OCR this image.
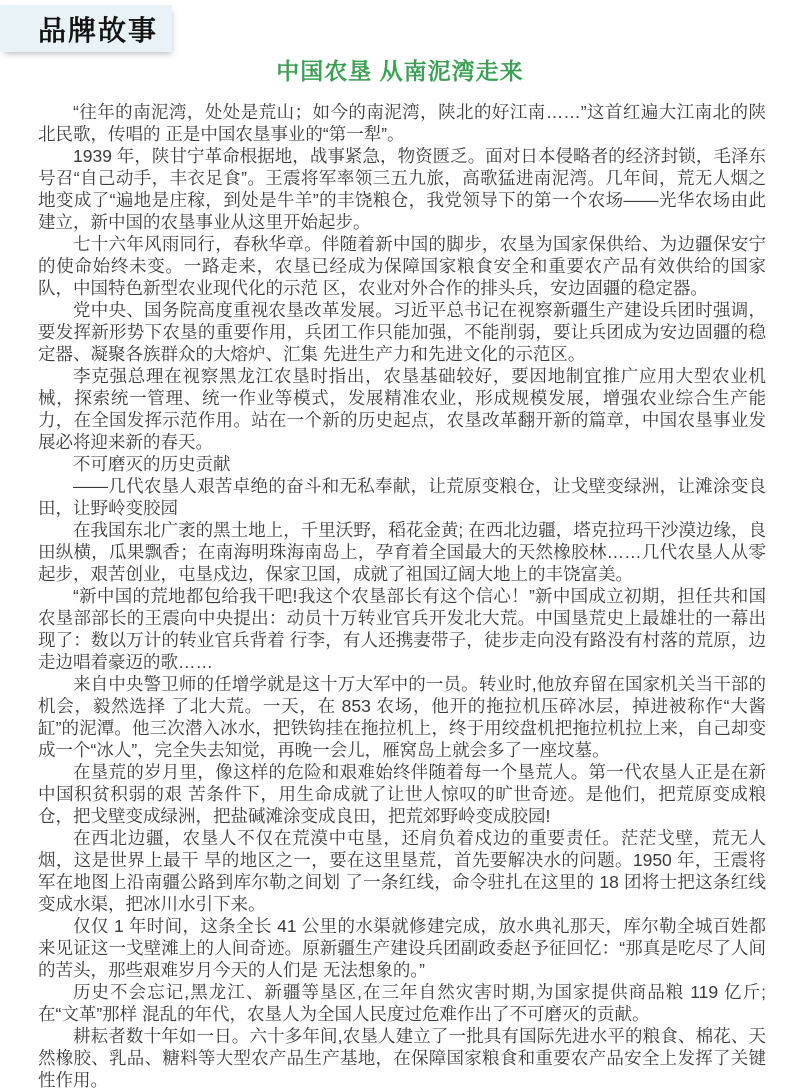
品牌故事
中国农垦 从南泥湾走来

“往年的南泥湾，处处是荒山；如今的南泥湾，陕北的好江南……”这首红遍大江南北的陕北民歌，传唱的 正是中国农垦事业的“第一犁”。

1939 年，陕甘宁革命根据地，战事紧急，物资匮乏。面对日本侵略者的经济封锁，毛泽东号召“自己动手，丰衣足食”。王震将军率领三五九旅，高歌猛进南泥湾。几年间，荒无人烟之地变成了“遍地是庄稼，到处是牛羊”的丰饶粮仓，我党领导下的第一个农场——光华农场由此建立，新中国的农垦事业从这里开始起步。

七十六年风雨同行，春秋华章。伴随着新中国的脚步，农垦为国家保供给、为边疆保安宁的使命始终未变。一路走来，农垦已经成为保障国家粮食安全和重要农产品有效供给的国家队，中国特色新型农业现代化的示范 区，农业对外合作的排头兵，安边固疆的稳定器。

党中央、国务院高度重视农垦改革发展。习近平总书记在视察新疆生产建设兵团时强调，要发挥新形势下农垦的重要作用，兵团工作只能加强，不能削弱，要让兵团成为安边固疆的稳定器、凝聚各族群众的大熔炉、汇集 先进生产力和先进文化的示范区。

李克强总理在视察黑龙江农垦时指出，农垦基础较好，要因地制宜推广应用大型农业机械，探索统一管理、统一作业等模式，发展精准农业，形成规模发展，增强农业综合生产能力，在全国发挥示范作用。站在一个新的历史起点，农垦改革翻开新的篇章，中国农垦事业发展必将迎来新的春天。

不可磨灭的历史贡献

——几代农垦人艰苦卓绝的奋斗和无私奉献，让荒原变粮仓，让戈壁变绿洲，让滩涂变良田，让野岭变胶园

在我国东北广袤的黑土地上，千里沃野，稻花金黄; 在西北边疆，塔克拉玛干沙漠边缘，良田纵横，瓜果飘香；在南海明珠海南岛上，孕育着全国最大的天然橡胶林……几代农垦人从零起步，艰苦创业，屯垦戍边，保家卫国，成就了祖国辽阔大地上的丰饶富美。

“新中国的荒地都包给我干吧!我这个农垦部长有这个信心！”新中国成立初期，担任共和国农垦部部长的王震向中央提出：动员十万转业官兵开发北大荒。中国垦荒史上最雄壮的一幕出现了：数以万计的转业官兵背着 行李，有人还携妻带子，徒步走向没有路没有村落的荒原，边走边唱着豪迈的歌……

来自中央警卫师的任增学就是这十万大军中的一员。转业时,他放弃留在国家机关当干部的机会，毅然选择 了北大荒。一天，在 853 农场，他开的拖拉机压碎冰层，掉进被称作“大酱缸”的泥潭。他三次潜入冰水，把铁钩挂在拖拉机上，终于用绞盘机把拖拉机拉上来，自己却变成一个“冰人”，完全失去知觉，再晚一会儿，雁窝岛上就会多了一座坟墓。

在垦荒的岁月里，像这样的危险和艰难始终伴随着每一个垦荒人。第一代农垦人正是在新中国积贫积弱的艰 苦条件下，用生命成就了让世人惊叹的旷世奇迹。是他们，把荒原变成粮仓，把戈壁变成绿洲，把盐碱滩涂变成良田，把荒郊野岭变成胶园!

在西北边疆，农垦人不仅在荒漠中屯垦，还肩负着戍边的重要责任。茫茫戈壁，荒无人烟，这是世界上最干 旱的地区之一，要在这里垦荒，首先要解决水的问题。1950 年，王震将军在地图上沿南疆公路到库尔勒之间划 了一条红线，命令驻扎在这里的 18 团将士把这条红线变成水渠，把冰川水引下来。

仅仅 1 年时间，这条全长 41 公里的水渠就修建完成，放水典礼那天，库尔勒全城百姓都来见证这一戈壁滩上的人间奇迹。原新疆生产建设兵团副政委赵予征回忆：“那真是吃尽了人间的苦头，那些艰难岁月今天的人们是 无法想象的。”

历史不会忘记,黑龙江、新疆等垦区,在三年自然灾害时期,为国家提供商品粮 119 亿斤; 在“文革”那样 混乱的年代，农垦人为全国人民度过危难作出了不可磨灭的贡献。

耕耘者数十年如一日。六十多年间,农垦人建立了一批具有国际先进水平的粮食、棉花、天然橡胶、乳品、糖料等大型农产品生产基地，在保障国家粮食和重要农产品安全上发挥了关键性作用。
